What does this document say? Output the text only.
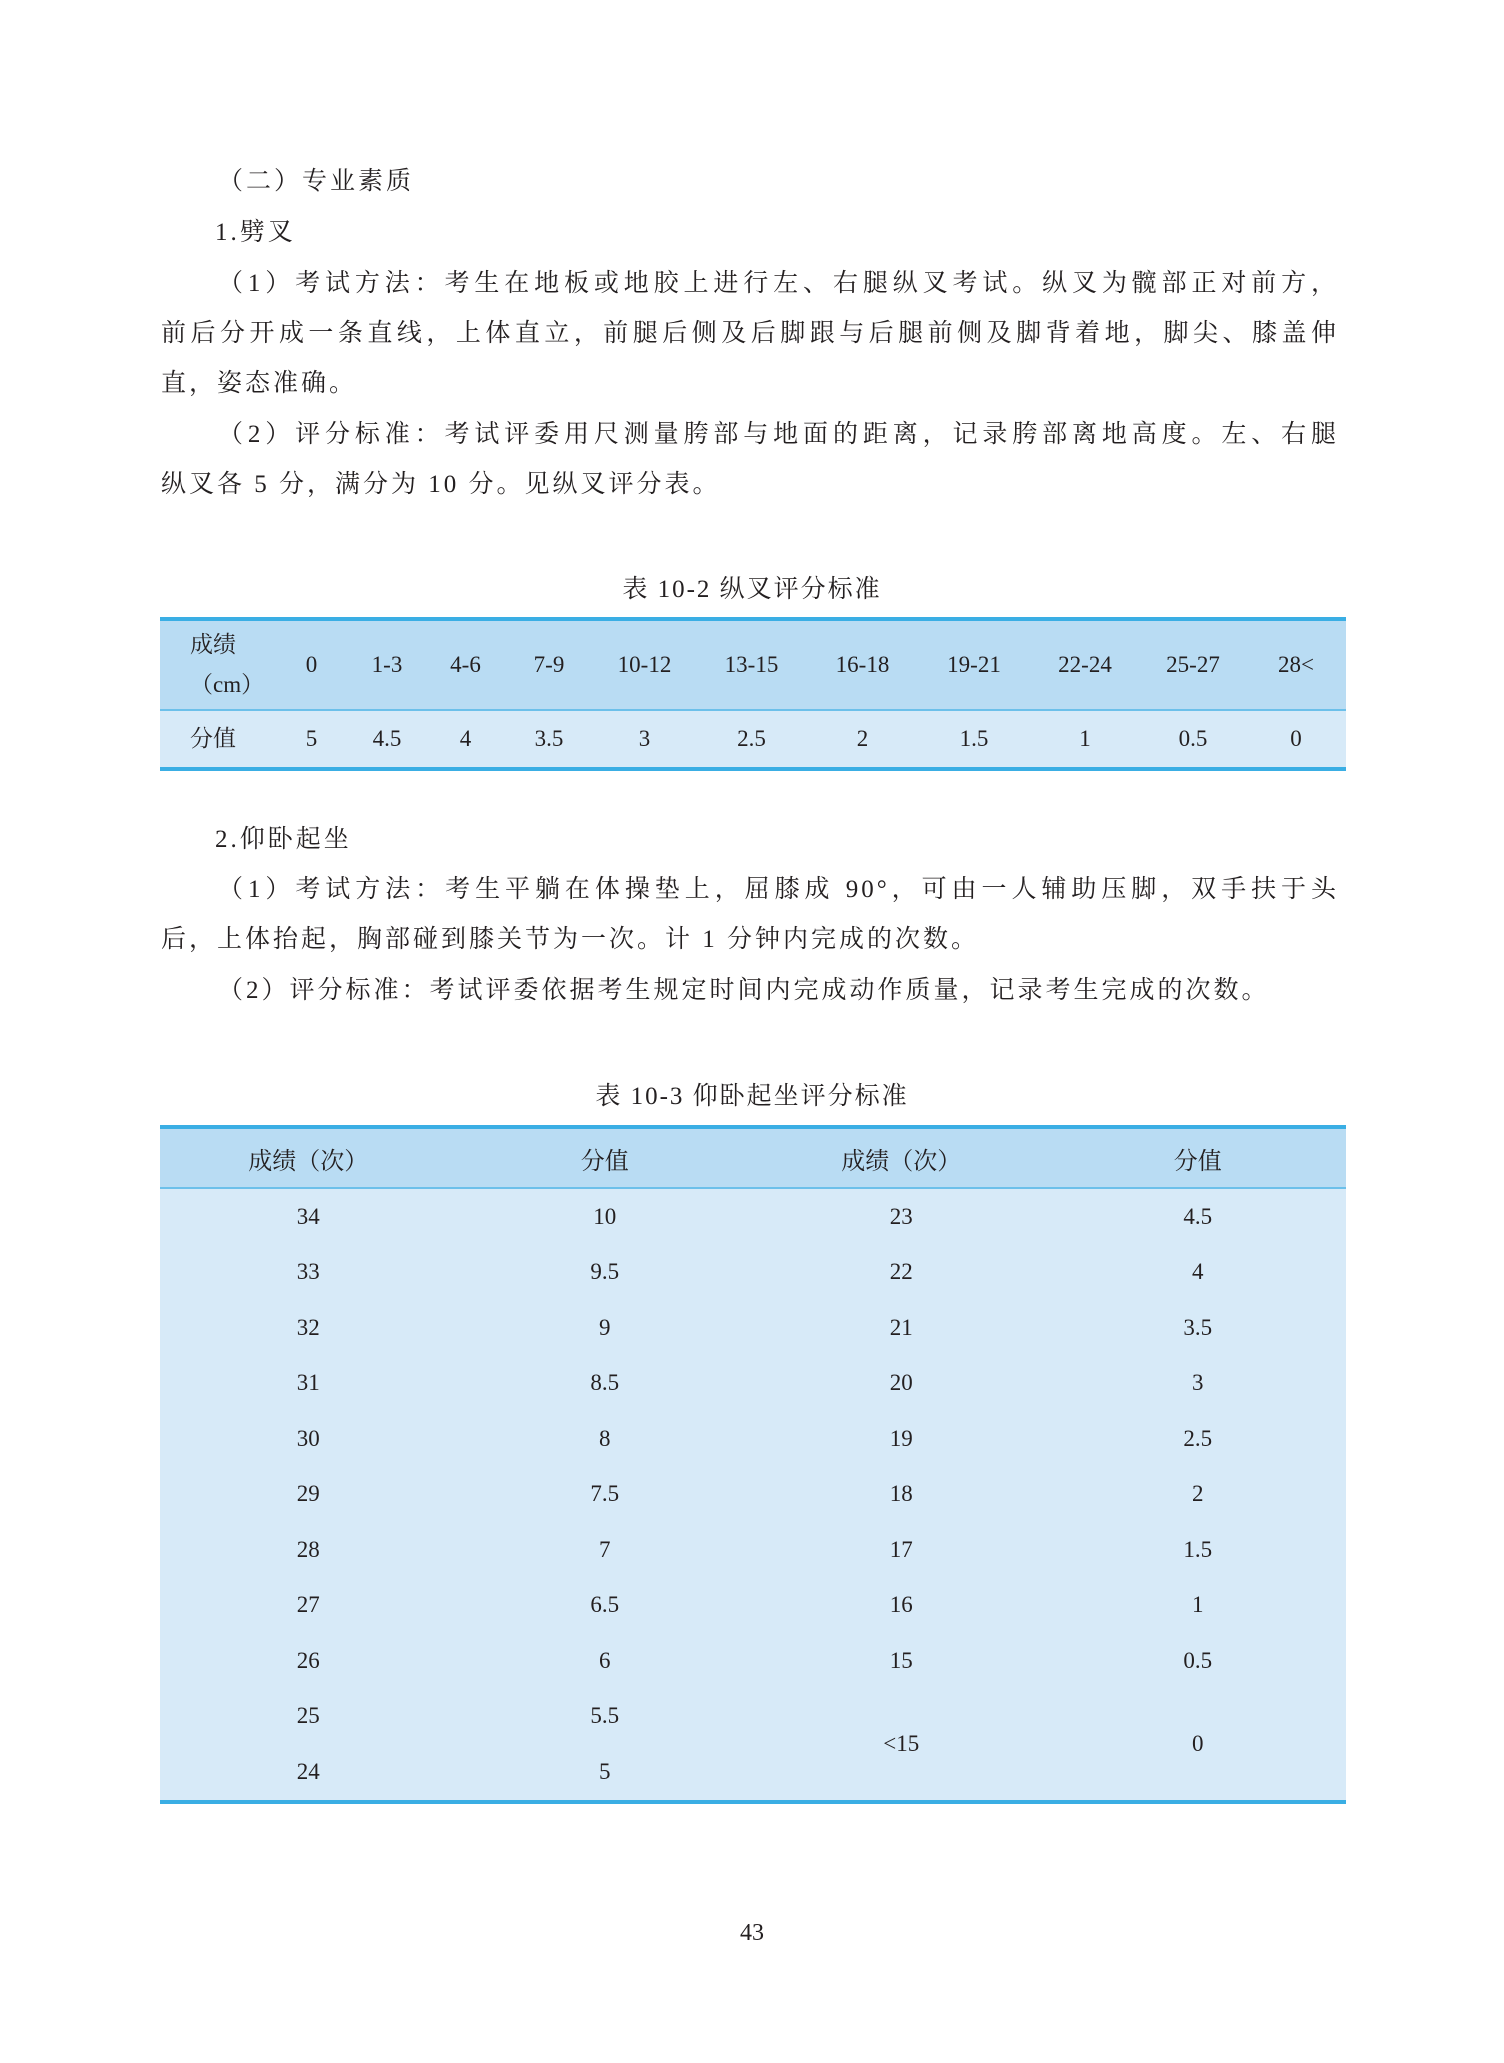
（二）专业素质
1.劈叉
（1）考试方法：考生在地板或地胶上进行左、右腿纵叉考试。纵叉为髋部正对前方，
前后分开成一条直线，上体直立，前腿后侧及后脚跟与后腿前侧及脚背着地，脚尖、膝盖伸
直，姿态准确。
（2）评分标准：考试评委用尺测量胯部与地面的距离，记录胯部离地高度。左、右腿
纵叉各 5 分，满分为 10 分。见纵叉评分表。
表 10-2 纵叉评分标准
成绩
（cm）	0	1-3	4-6	7-9	10-12	13-15	16-18	19-21	22-24	25-27	28<
分值	5	4.5	4	3.5	3	2.5	2	1.5	1	0.5	0
2.仰卧起坐
（1）考试方法：考生平躺在体操垫上，屈膝成 90°，可由一人辅助压脚，双手扶于头
后，上体抬起，胸部碰到膝关节为一次。计 1 分钟内完成的次数。
（2）评分标准：考试评委依据考生规定时间内完成动作质量，记录考生完成的次数。
表 10-3 仰卧起坐评分标准
成绩（次）	分值	成绩（次）	分值
34	10	23	4.5
33	9.5	22	4
32	9	21	3.5
31	8.5	20	3
30	8	19	2.5
29	7.5	18	2
28	7	17	1.5
27	6.5	16	1
26	6	15	0.5
25	5.5	<15	0
24	5		
43
